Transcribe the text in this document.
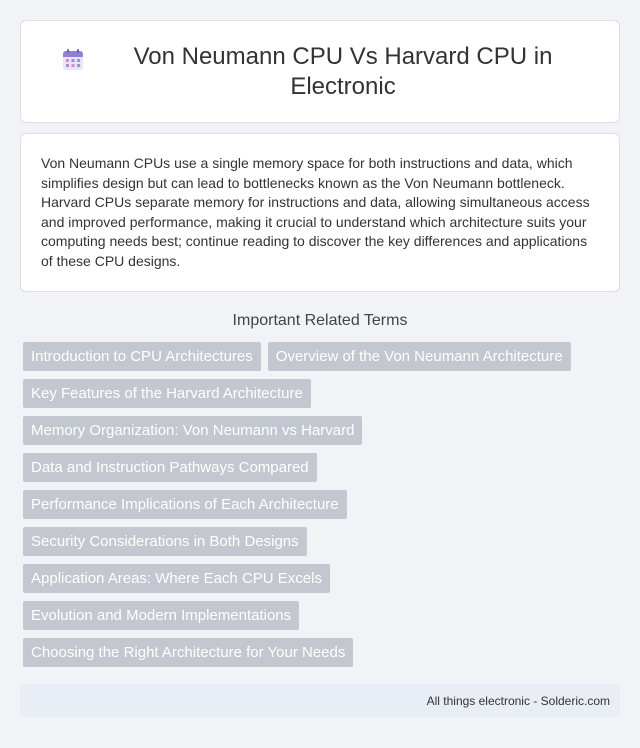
Von Neumann CPU Vs Harvard CPU in Electronic

Von Neumann CPUs use a single memory space for both instructions and data, which simplifies design but can lead to bottlenecks known as the Von Neumann bottleneck. Harvard CPUs separate memory for instructions and data, allowing simultaneous access and improved performance, making it crucial to understand which architecture suits your computing needs best; continue reading to discover the key differences and applications of these CPU designs.

Important Related Terms
Introduction to CPU Architectures	Overview of the Von Neumann Architecture
Key Features of the Harvard Architecture
Memory Organization: Von Neumann vs Harvard
Data and Instruction Pathways Compared
Performance Implications of Each Architecture
Security Considerations in Both Designs
Application Areas: Where Each CPU Excels
Evolution and Modern Implementations
Choosing the Right Architecture for Your Needs
All things electronic - Solderic.com
